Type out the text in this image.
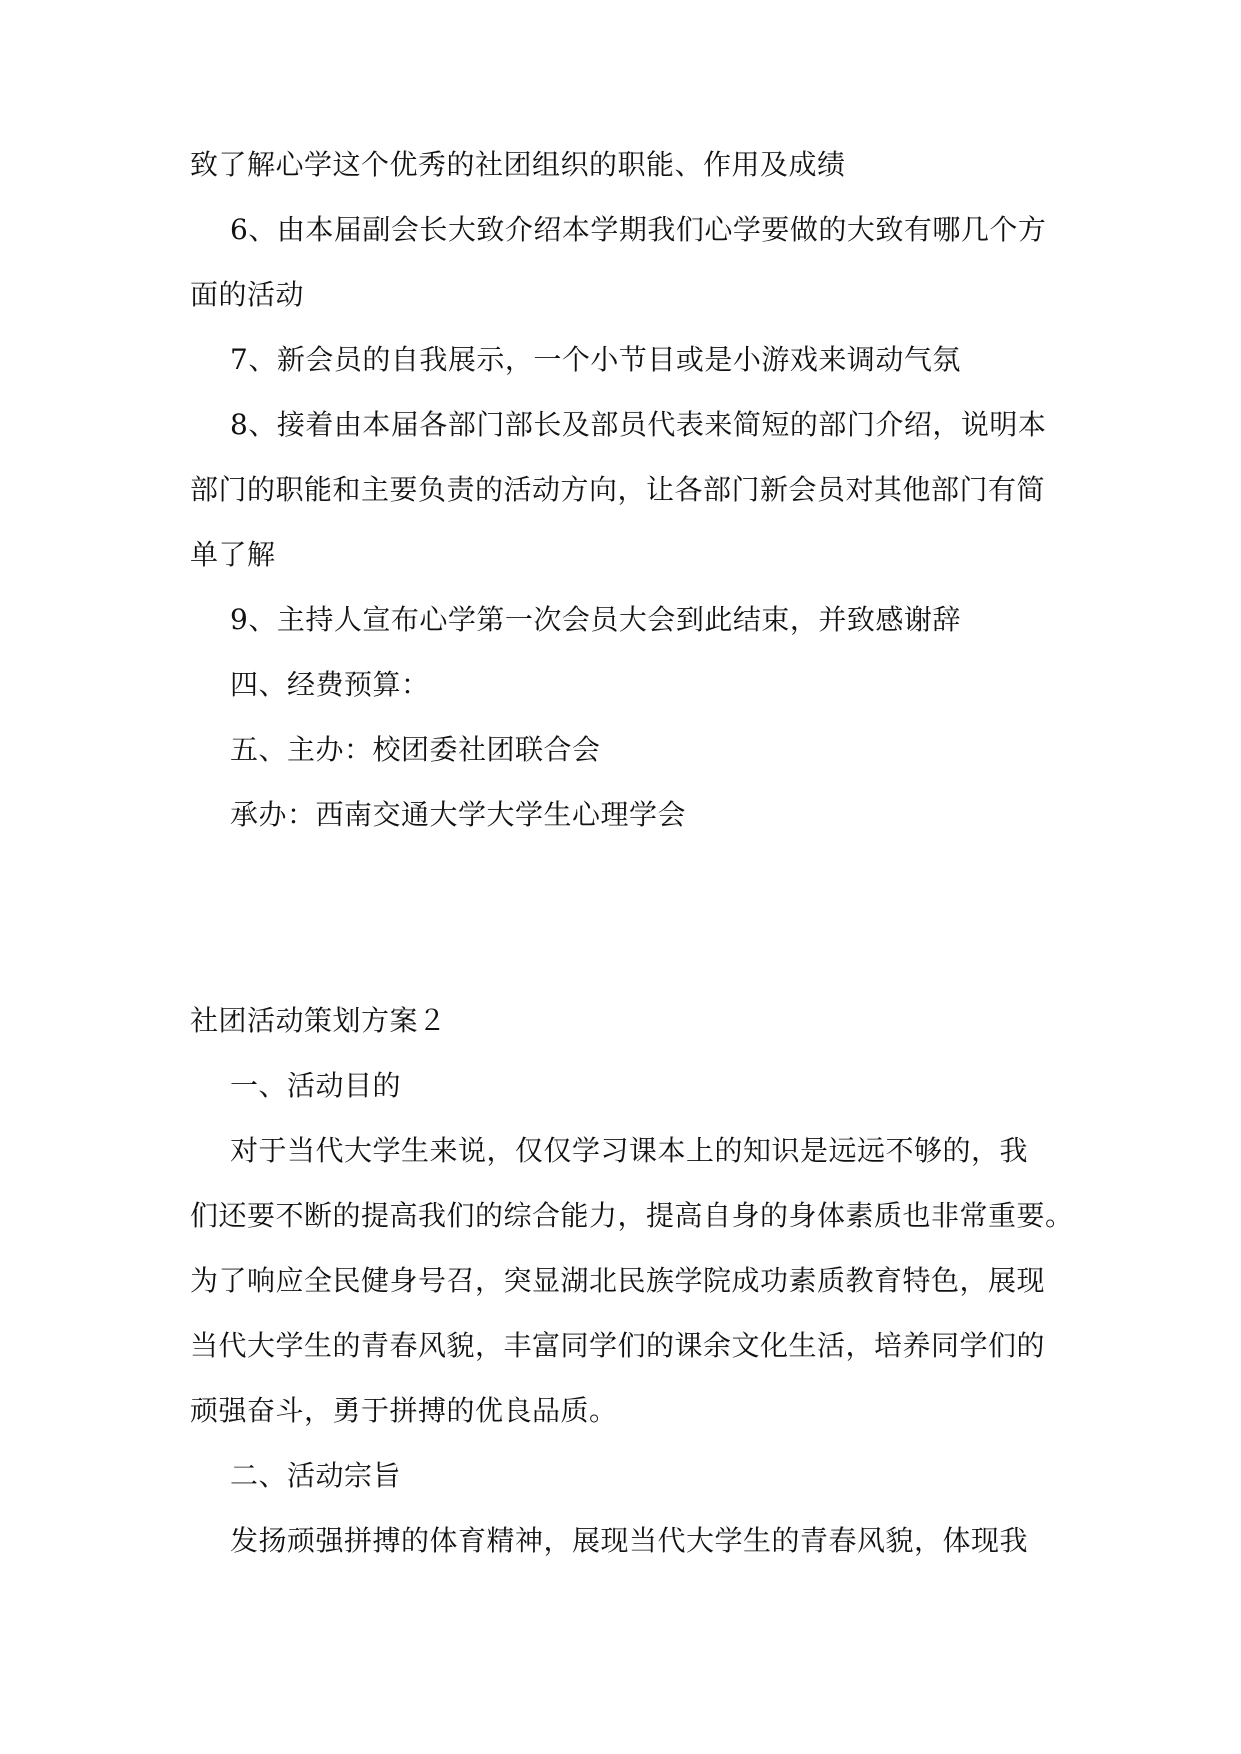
致了解心学这个优秀的社团组织的职能、作用及成绩
6、由本届副会长大致介绍本学期我们心学要做的大致有哪几个方
面的活动
7、新会员的自我展示，一个小节目或是小游戏来调动气氛
8、接着由本届各部门部长及部员代表来简短的部门介绍，说明本
部门的职能和主要负责的活动方向，让各部门新会员对其他部门有简
单了解
9、主持人宣布心学第一次会员大会到此结束，并致感谢辞
四、经费预算：
五、主办：校团委社团联合会
承办：西南交通大学大学生心理学会
社团活动策划方案２
一、活动目的
对于当代大学生来说，仅仅学习课本上的知识是远远不够的，我
们还要不断的提高我们的综合能力，提高自身的身体素质也非常重要。
为了响应全民健身号召，突显湖北民族学院成功素质教育特色，展现
当代大学生的青春风貌，丰富同学们的课余文化生活，培养同学们的
顽强奋斗，勇于拼搏的优良品质。
二、活动宗旨
发扬顽强拼搏的体育精神，展现当代大学生的青春风貌，体现我
